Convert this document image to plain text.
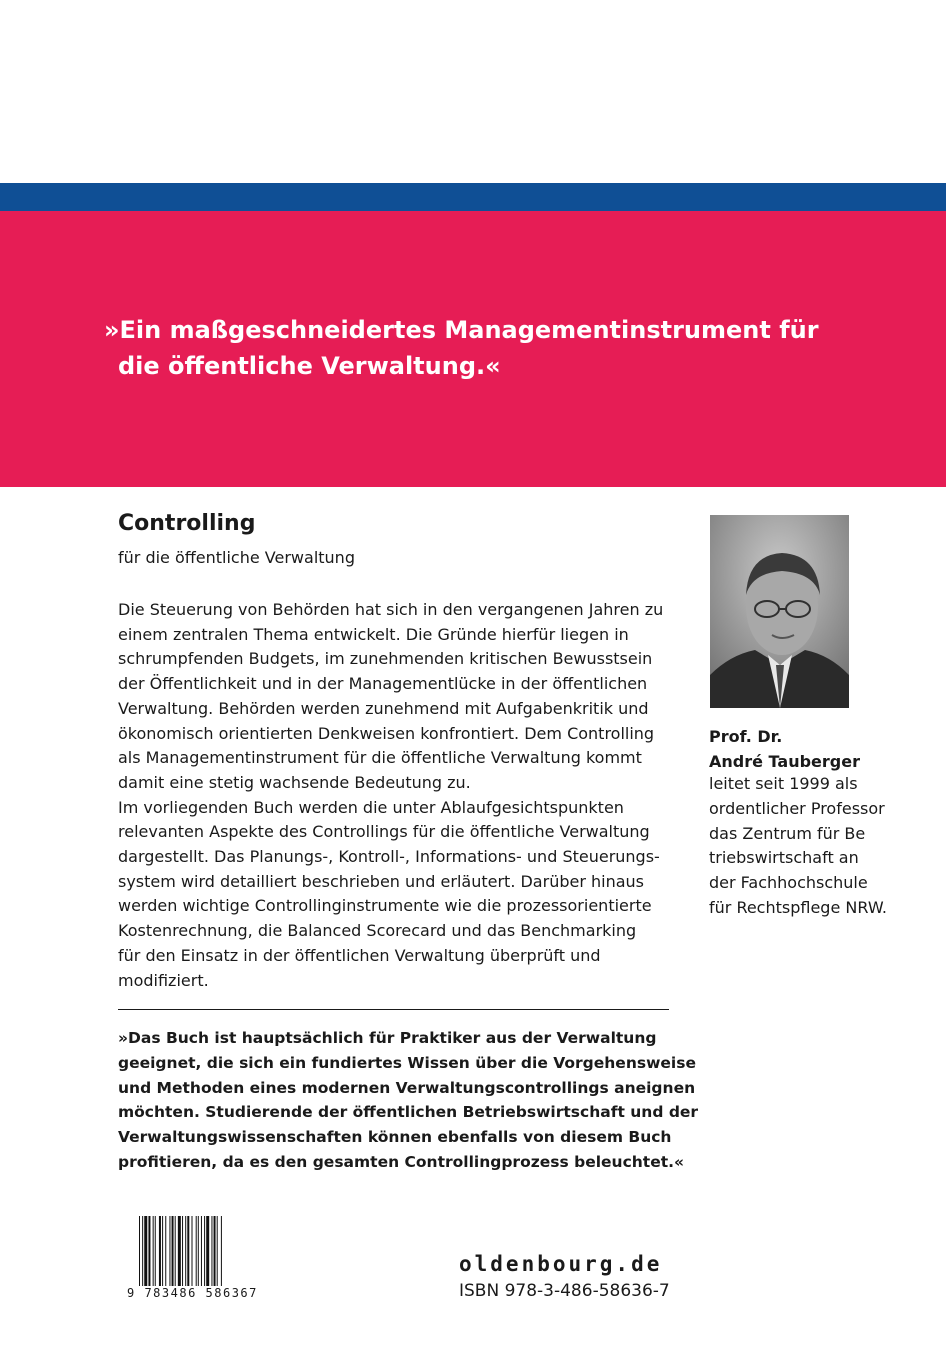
»Ein maßgeschneidertes Managementinstrument für
die öffentliche Verwaltung.«
Controlling
für die öffentliche Verwaltung
Die Steuerung von Behörden hat sich in den vergangenen Jahren zu
einem zentralen Thema entwickelt. Die Gründe hierfür liegen in
schrumpfenden Budgets, im zunehmenden kritischen Bewusstsein
der Öffentlichkeit und in der Managementlücke in der öffentlichen
Verwaltung. Behörden werden zunehmend mit Aufgabenkritik und
ökonomisch orientierten Denkweisen konfrontiert. Dem Controlling
als Managementinstrument für die öffentliche Verwaltung kommt
damit eine stetig wachsende Bedeutung zu.
Im vorliegenden Buch werden die unter Ablaufgesichtspunkten
relevanten Aspekte des Controllings für die öffentliche Verwaltung
dargestellt. Das Planungs-, Kontroll-, Informations- und Steuerungs-
system wird detailliert beschrieben und erläutert. Darüber hinaus
werden wichtige Controllinginstrumente wie die prozessorientierte
Kostenrechnung, die Balanced Scorecard und das Benchmarking
für den Einsatz in der öffentlichen Verwaltung überprüft und
modifiziert.
»Das Buch ist hauptsächlich für Praktiker aus der Verwaltung
geeignet, die sich ein fundiertes Wissen über die Vorgehensweise
und Methoden eines modernen Verwaltungscontrollings aneignen
möchten. Studierende der öffentlichen Betriebswirtschaft und der
Verwaltungswissenschaften können ebenfalls von diesem Buch
profitieren, da es den gesamten Controllingprozess beleuchtet.«
Prof. Dr.
André Tauberger
leitet seit 1999 als
ordentlicher Professor
das Zentrum für Be
triebswirtschaft an
der Fachhochschule
für Rechtspflege NRW.
9 783486 586367
oldenbourg.de
ISBN 978-3-486-58636-7
